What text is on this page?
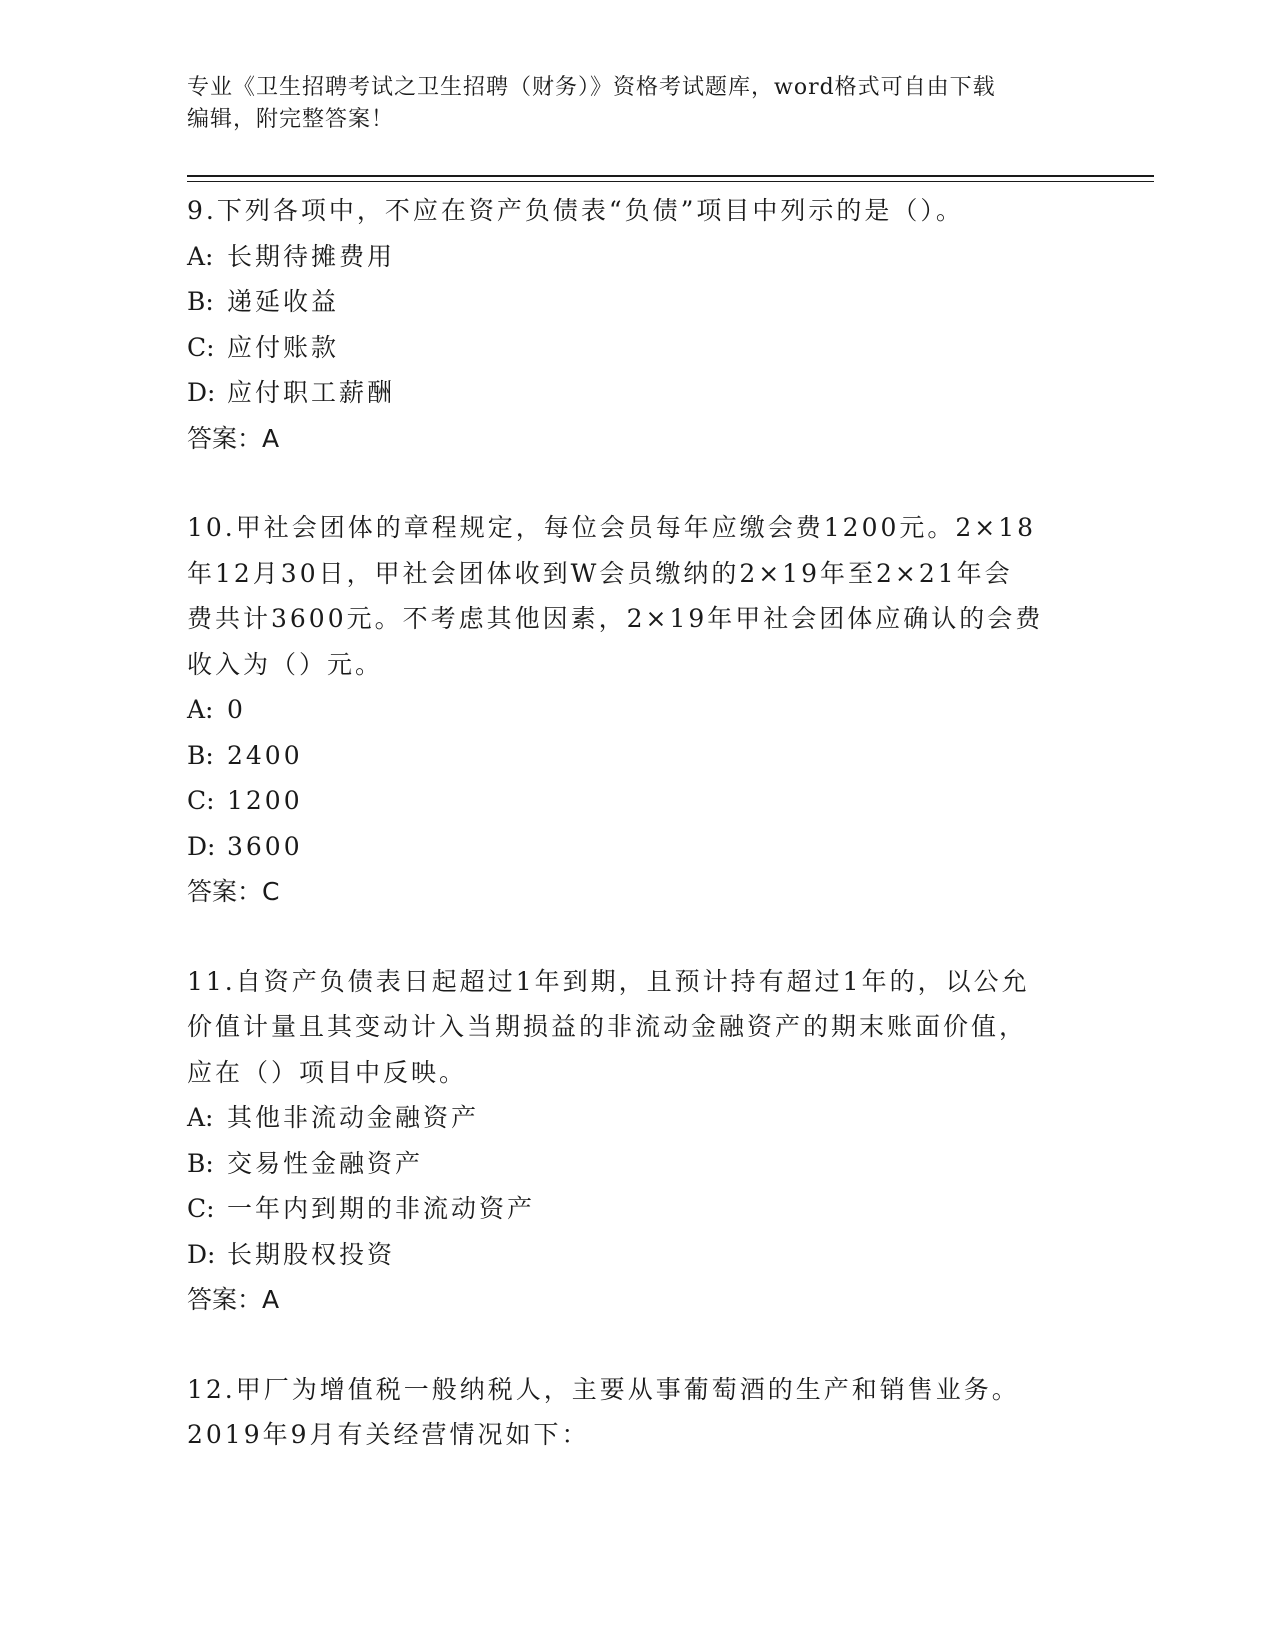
专业《卫生招聘考试之卫生招聘（财务）》资格考试题库，word格式可自由下载
编辑，附完整答案！
9.下列各项中，不应在资产负债表“负债”项目中列示的是（）。
A: 长期待摊费用
B: 递延收益
C: 应付账款
D: 应付职工薪酬
答案：A
10.甲社会团体的章程规定，每位会员每年应缴会费1200元。2×18
年12月30日，甲社会团体收到W会员缴纳的2×19年至2×21年会
费共计3600元。不考虑其他因素，2×19年甲社会团体应确认的会费
收入为（）元。
A: 0
B: 2400
C: 1200
D: 3600
答案：C
11.自资产负债表日起超过1年到期，且预计持有超过1年的，以公允
价值计量且其变动计入当期损益的非流动金融资产的期末账面价值，
应在（）项目中反映。
A: 其他非流动金融资产
B: 交易性金融资产
C: 一年内到期的非流动资产
D: 长期股权投资
答案：A
12.甲厂为增值税一般纳税人，主要从事葡萄酒的生产和销售业务。
2019年9月有关经营情况如下：
